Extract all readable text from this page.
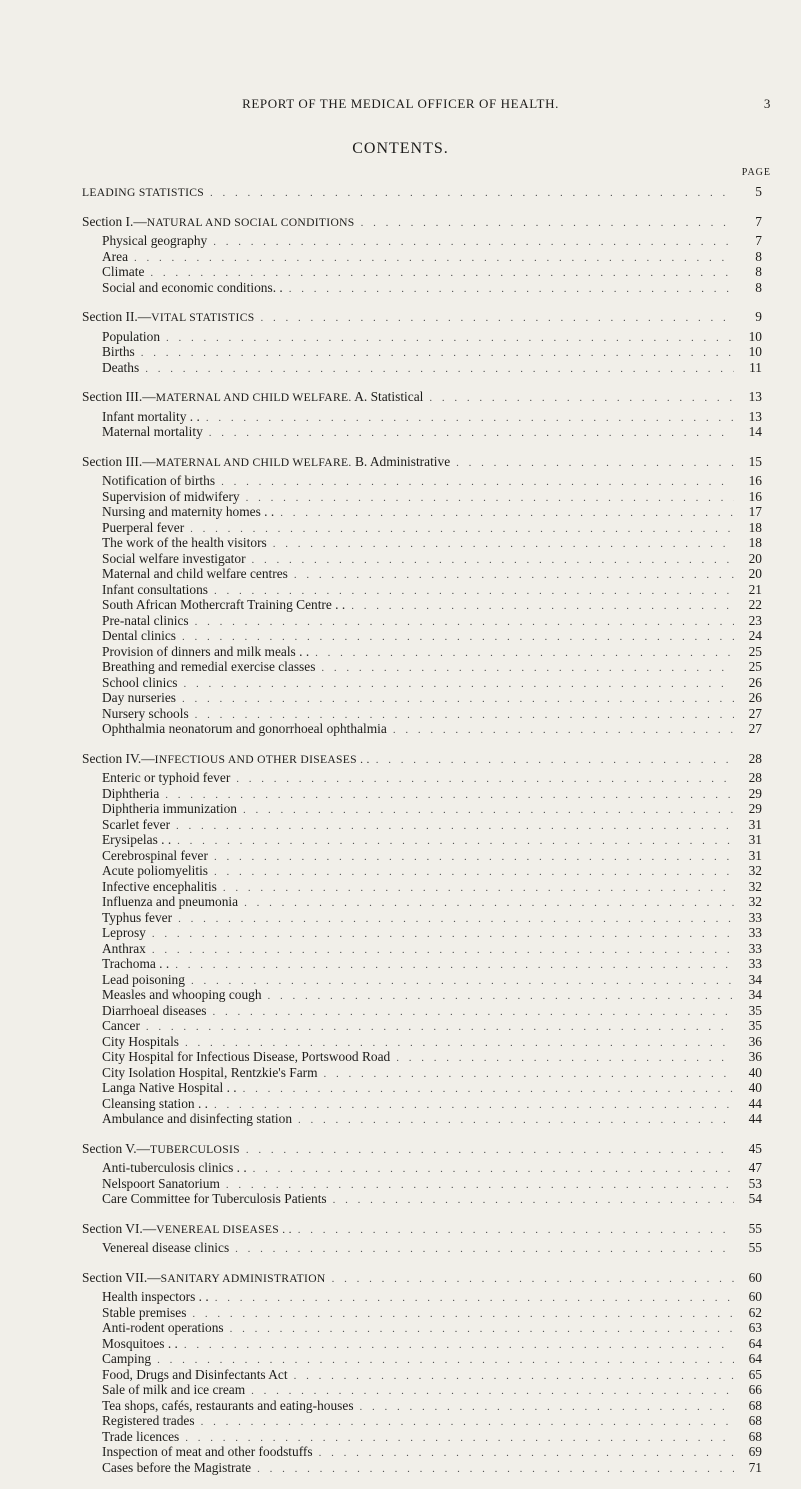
REPORT OF THE MEDICAL OFFICER OF HEALTH.	3
CONTENTS.
PAGE
LEADING STATISTICS . . .	5
Section I.—NATURAL AND SOCIAL CONDITIONS . . .	7
Physical geography . . .	7
Area . . .	8
Climate . . .	8
Social and economic conditions. . . . .	8
Section II.—VITAL STATISTICS . . .	9
Population . . .	10
Births . . .	10
Deaths . . .	11
Section III.—MATERNAL AND CHILD WELFARE. A. Statistical . . .	13
Infant mortality . . . . .	13
Maternal mortality . . .	14
Section III.—MATERNAL AND CHILD WELFARE. B. Administrative . . .	15
Notification of births . . .	16
Supervision of midwifery . . .	16
Nursing and maternity homes . . . . .	17
Puerperal fever . . .	18
The work of the health visitors . . .	18
Social welfare investigator . . .	20
Maternal and child welfare centres . . .	20
Infant consultations . . .	21
South African Mothercraft Training Centre . . . . .	22
Pre-natal clinics . . .	23
Dental clinics . . .	24
Provision of dinners and milk meals . . . . .	25
Breathing and remedial exercise classes . . .	25
School clinics . . .	26
Day nurseries . . .	26
Nursery schools . . .	27
Ophthalmia neonatorum and gonorrhoeal ophthalmia . . .	27
Section IV.—INFECTIOUS AND OTHER DISEASES . . . . .	28
Enteric or typhoid fever . . .	28
Diphtheria . . .	29
Diphtheria immunization . . .	29
Scarlet fever . . .	31
Erysipelas . . . . .	31
Cerebrospinal fever . . .	31
Acute poliomyelitis . . .	32
Infective encephalitis . . .	32
Influenza and pneumonia . . .	32
Typhus fever . . .	33
Leprosy . . .	33
Anthrax . . .	33
Trachoma . . . . .	33
Lead poisoning . . .	34
Measles and whooping cough . . .	34
Diarrhoeal diseases . . .	35
Cancer . . .	35
City Hospitals . . .	36
City Hospital for Infectious Disease, Portswood Road . . .	36
City Isolation Hospital, Rentzkie's Farm . . .	40
Langa Native Hospital . . . . .	40
Cleansing station . . . . .	44
Ambulance and disinfecting station . . .	44
Section V.—TUBERCULOSIS . . .	45
Anti-tuberculosis clinics . . . . .	47
Nelspoort Sanatorium . . .	53
Care Committee for Tuberculosis Patients . . .	54
Section VI.—VENEREAL DISEASES . . . . .	55
Venereal disease clinics . . .	55
Section VII.—SANITARY ADMINISTRATION . . .	60
Health inspectors . . . . .	60
Stable premises . . .	62
Anti-rodent operations . . .	63
Mosquitoes . . . . .	64
Camping . . .	64
Food, Drugs and Disinfectants Act . . .	65
Sale of milk and ice cream . . .	66
Tea shops, cafés, restaurants and eating-houses . . .	68
Registered trades . . .	68
Trade licences . . .	68
Inspection of meat and other foodstuffs . . .	69
Cases before the Magistrate . . .	71
